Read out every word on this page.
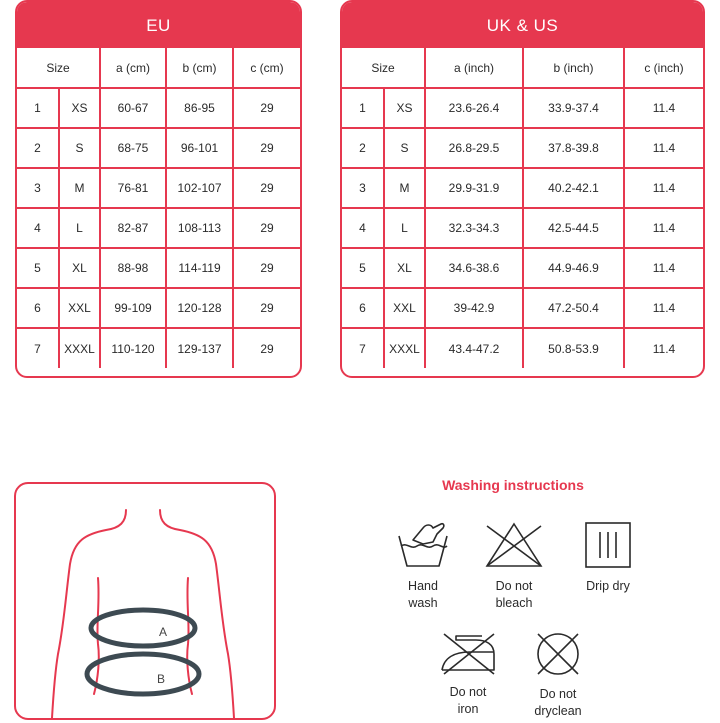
EU
Size		a (cm)	b (cm)	c (cm)
1	XS	60-67	86-95	29
2	S	68-75	96-101	29
3	M	76-81	102-107	29
4	L	82-87	108-113	29
5	XL	88-98	114-119	29
6	XXL	99-109	120-128	29
7	XXXL	110-120	129-137	29
UK & US
Size		a (inch)	b (inch)	c (inch)
1	XS	23.6-26.4	33.9-37.4	11.4
2	S	26.8-29.5	37.8-39.8	11.4
3	M	29.9-31.9	40.2-42.1	11.4
4	L	32.3-34.3	42.5-44.5	11.4
5	XL	34.6-38.6	44.9-46.9	11.4
6	XXL	39-42.9	47.2-50.4	11.4
7	XXXL	43.4-47.2	50.8-53.9	11.4
A
B
Washing instructions
Hand
wash
Do not
bleach
Drip dry
Do not
iron
Do not
dryclean
